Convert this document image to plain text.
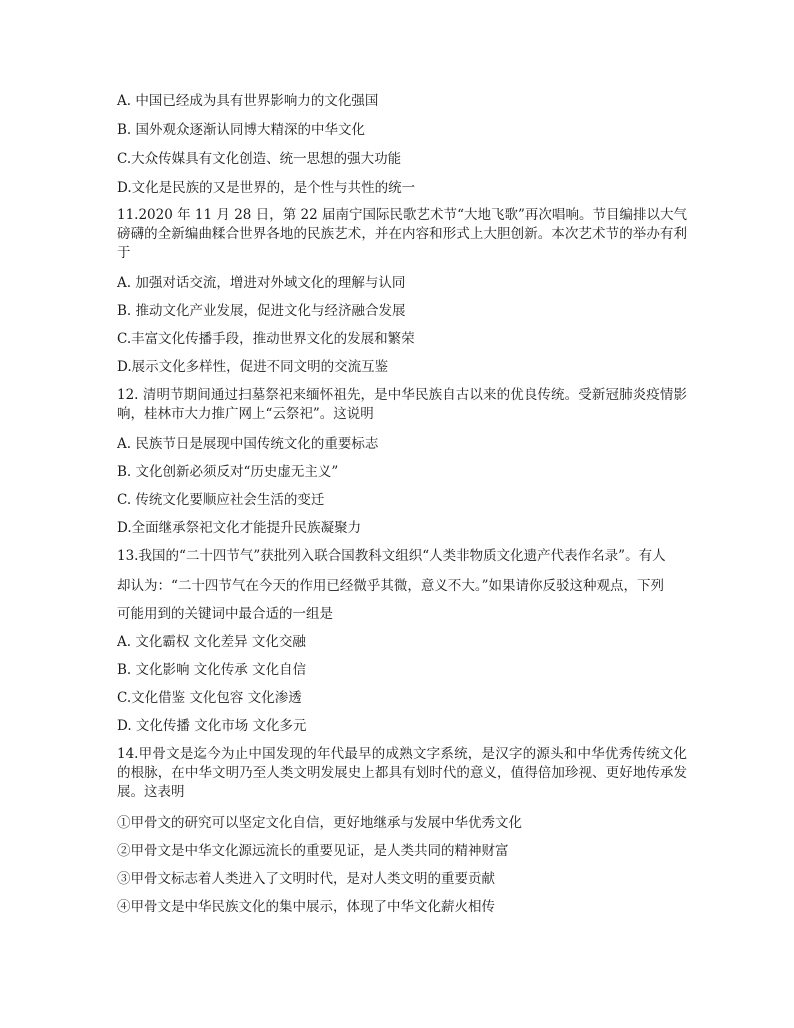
A. 中国已经成为具有世界影响力的文化强国
B. 国外观众逐渐认同博大精深的中华文化
C.大众传媒具有文化创造、统一思想的强大功能
D.文化是民族的又是世界的，是个性与共性的统一
11.2020 年 11 月 28 日，第 22 届南宁国际民歌艺术节“大地飞歌”再次唱响。节目编排以大气磅礴的全新编曲糅合世界各地的民族艺术，并在内容和形式上大胆创新。本次艺术节的举办有利于
A. 加强对话交流，增进对外域文化的理解与认同
B. 推动文化产业发展，促进文化与经济融合发展
C.丰富文化传播手段，推动世界文化的发展和繁荣
D.展示文化多样性，促进不同文明的交流互鉴
12. 清明节期间通过扫墓祭祀来缅怀祖先，是中华民族自古以来的优良传统。受新冠肺炎疫情影响，桂林市大力推广网上“云祭祀”。这说明
A. 民族节日是展现中国传统文化的重要标志
B. 文化创新必须反对“历史虚无主义”
C. 传统文化要顺应社会生活的变迁
D.全面继承祭祀文化才能提升民族凝聚力
13.我国的“二十四节气”获批列入联合国教科文组织“人类非物质文化遗产代表作名录”。有人
却认为：“二十四节气在今天的作用已经微乎其微，意义不大。”如果请你反驳这种观点，下列
可能用到的关键词中最合适的一组是
A. 文化霸权 文化差异 文化交融
B. 文化影响 文化传承 文化自信
C.文化借鉴 文化包容 文化渗透
D. 文化传播 文化市场 文化多元
14.甲骨文是迄今为止中国发现的年代最早的成熟文字系统，是汉字的源头和中华优秀传统文化的根脉，在中华文明乃至人类文明发展史上都具有划时代的意义，值得倍加珍视、更好地传承发展。这表明
①甲骨文的研究可以坚定文化自信，更好地继承与发展中华优秀文化
②甲骨文是中华文化源远流长的重要见证，是人类共同的精神财富
③甲骨文标志着人类进入了文明时代，是对人类文明的重要贡献
④甲骨文是中华民族文化的集中展示，体现了中华文化薪火相传
